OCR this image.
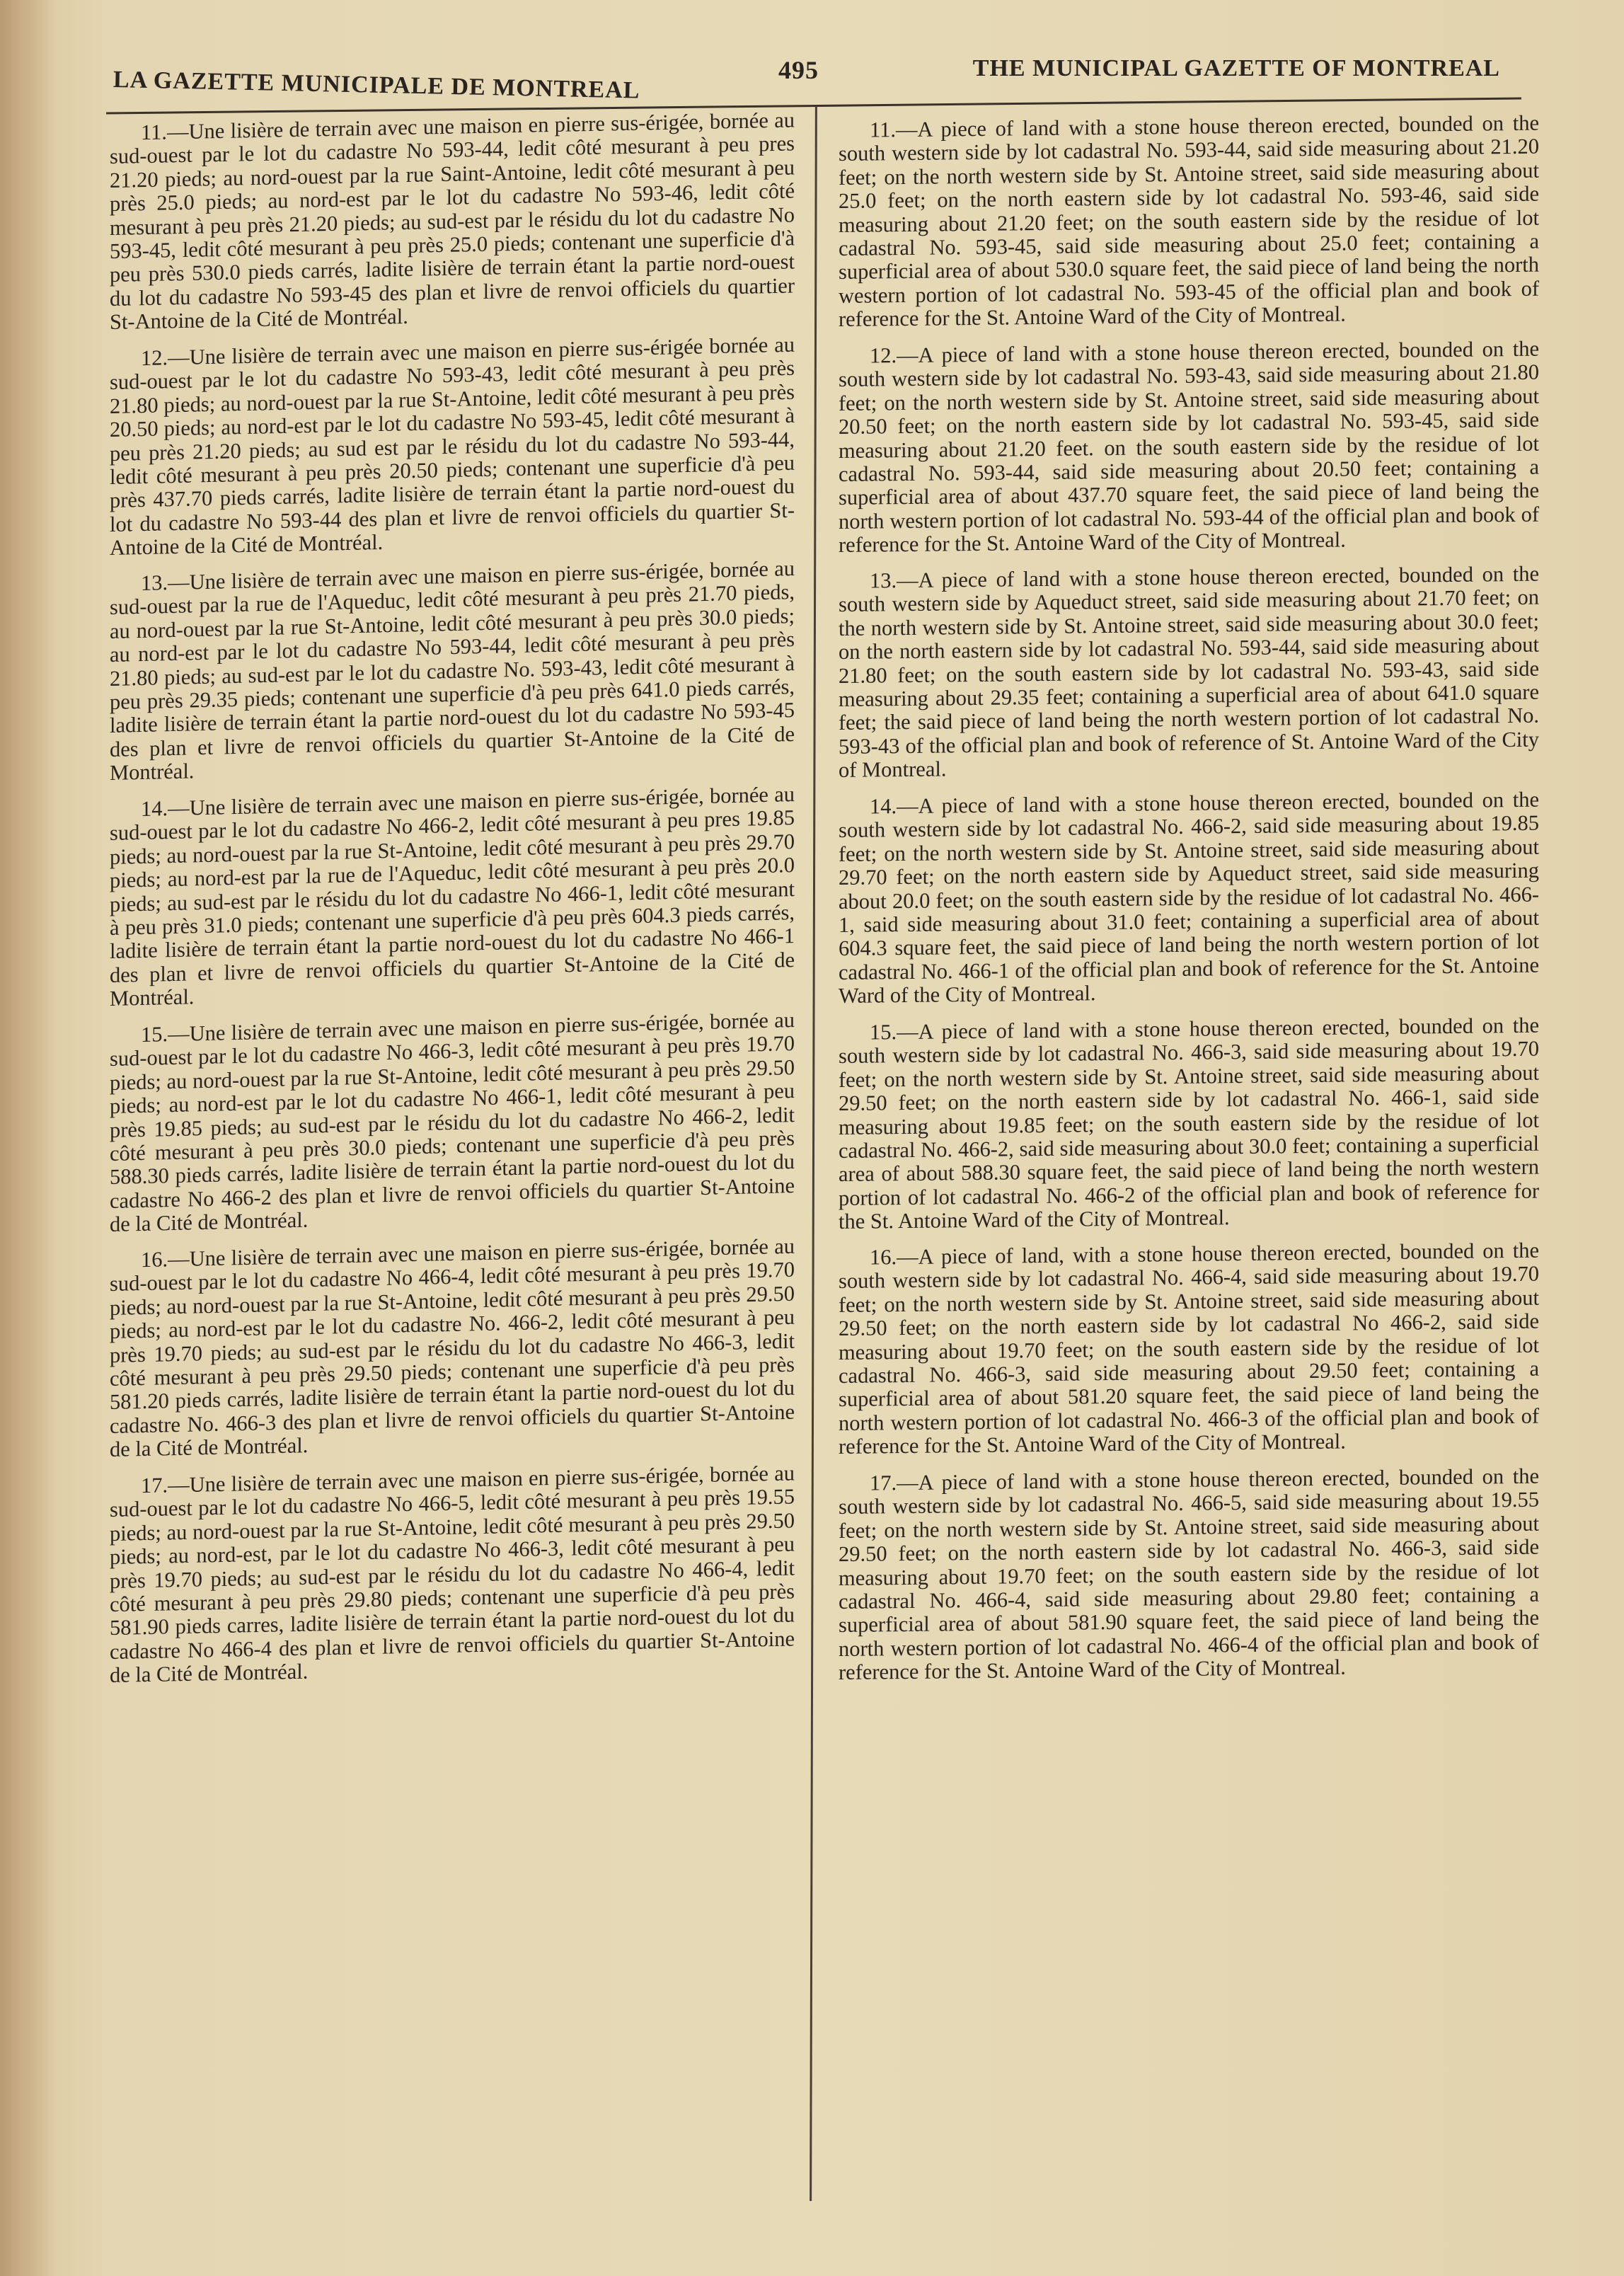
LA GAZETTE MUNICIPALE DE MONTREAL	495	THE MUNICIPAL GAZETTE OF MONTREAL

11.—Une lisière de terrain avec une maison en pierre sus-érigée, bornée au sud-ouest par le lot du cadastre No 593-44, ledit côté mesurant à peu pres 21.20 pieds; au nord-ouest par la rue Saint-Antoine, ledit côté mesurant à peu près 25.0 pieds; au nord-est par le lot du cadastre No 593-46, ledit côté mesurant à peu près 21.20 pieds; au sud-est par le résidu du lot du cadastre No 593-45, ledit côté mesurant à peu près 25.0 pieds; contenant une superficie d'à peu près 530.0 pieds carrés, ladite lisière de terrain étant la partie nord-ouest du lot du cadastre No 593-45 des plan et livre de renvoi officiels du quartier St-Antoine de la Cité de Montréal.

12.—Une lisière de terrain avec une maison en pierre sus-érigée bornée au sud-ouest par le lot du cadastre No 593-43, ledit côté mesurant à peu près 21.80 pieds; au nord-ouest par la rue St-Antoine, ledit côté mesurant à peu près 20.50 pieds; au nord-est par le lot du cadastre No 593-45, ledit côté mesurant à peu près 21.20 pieds; au sud est par le résidu du lot du cadastre No 593-44, ledit côté mesurant à peu près 20.50 pieds; contenant une superficie d'à peu près 437.70 pieds carrés, ladite lisière de terrain étant la partie nord-ouest du lot du cadastre No 593-44 des plan et livre de renvoi officiels du quartier St-Antoine de la Cité de Montréal.

13.—Une lisière de terrain avec une maison en pierre sus-érigée, bornée au sud-ouest par la rue de l'Aqueduc, ledit côté mesurant à peu près 21.70 pieds, au nord-ouest par la rue St-Antoine, ledit côté mesurant à peu près 30.0 pieds; au nord-est par le lot du cadastre No 593-44, ledit côté mesurant à peu près 21.80 pieds; au sud-est par le lot du cadastre No. 593-43, ledit côté mesurant à peu près 29.35 pieds; contenant une superficie d'à peu près 641.0 pieds carrés, ladite lisière de terrain étant la partie nord-ouest du lot du cadastre No 593-45 des plan et livre de renvoi officiels du quartier St-Antoine de la Cité de Montréal.

14.—Une lisière de terrain avec une maison en pierre sus-érigée, bornée au sud-ouest par le lot du cadastre No 466-2, ledit côté mesurant à peu pres 19.85 pieds; au nord-ouest par la rue St-Antoine, ledit côté mesurant à peu près 29.70 pieds; au nord-est par la rue de l'Aqueduc, ledit côté mesurant à peu près 20.0 pieds; au sud-est par le résidu du lot du cadastre No 466-1, ledit côté mesurant à peu près 31.0 pieds; contenant une superficie d'à peu près 604.3 pieds carrés, ladite lisière de terrain étant la partie nord-ouest du lot du cadastre No 466-1 des plan et livre de renvoi officiels du quartier St-Antoine de la Cité de Montréal.

15.—Une lisière de terrain avec une maison en pierre sus-érigée, bornée au sud-ouest par le lot du cadastre No 466-3, ledit côté mesurant à peu près 19.70 pieds; au nord-ouest par la rue St-Antoine, ledit côté mesurant à peu près 29.50 pieds; au nord-est par le lot du cadastre No 466-1, ledit côté mesurant à peu près 19.85 pieds; au sud-est par le résidu du lot du cadastre No 466-2, ledit côté mesurant à peu près 30.0 pieds; contenant une superficie d'à peu près 588.30 pieds carrés, ladite lisière de terrain étant la partie nord-ouest du lot du cadastre No 466-2 des plan et livre de renvoi officiels du quartier St-Antoine de la Cité de Montréal.

16.—Une lisière de terrain avec une maison en pierre sus-érigée, bornée au sud-ouest par le lot du cadastre No 466-4, ledit côté mesurant à peu près 19.70 pieds; au nord-ouest par la rue St-Antoine, ledit côté mesurant à peu près 29.50 pieds; au nord-est par le lot du cadastre No. 466-2, ledit côté mesurant à peu près 19.70 pieds; au sud-est par le résidu du lot du cadastre No 466-3, ledit côté mesurant à peu près 29.50 pieds; contenant une superficie d'à peu près 581.20 pieds carrés, ladite lisière de terrain étant la partie nord-ouest du lot du cadastre No. 466-3 des plan et livre de renvoi officiels du quartier St-Antoine de la Cité de Montréal.

17.—Une lisière de terrain avec une maison en pierre sus-érigée, bornée au sud-ouest par le lot du cadastre No 466-5, ledit côté mesurant à peu près 19.55 pieds; au nord-ouest par la rue St-Antoine, ledit côté mesurant à peu près 29.50 pieds; au nord-est, par le lot du cadastre No 466-3, ledit côté mesurant à peu près 19.70 pieds; au sud-est par le résidu du lot du cadastre No 466-4, ledit côté mesurant à peu près 29.80 pieds; contenant une superficie d'à peu près 581.90 pieds carres, ladite lisière de terrain étant la partie nord-ouest du lot du cadastre No 466-4 des plan et livre de renvoi officiels du quartier St-Antoine de la Cité de Montréal.

11.—A piece of land with a stone house thereon erected, bounded on the south western side by lot cadastral No. 593-44, said side measuring about 21.20 feet; on the north western side by St. Antoine street, said side measuring about 25.0 feet; on the north eastern side by lot cadastral No. 593-46, said side measuring about 21.20 feet; on the south eastern side by the residue of lot cadastral No. 593-45, said side measuring about 25.0 feet; containing a superficial area of about 530.0 square feet, the said piece of land being the north western portion of lot cadastral No. 593-45 of the official plan and book of reference for the St. Antoine Ward of the City of Montreal.

12.—A piece of land with a stone house thereon erected, bounded on the south western side by lot cadastral No. 593-43, said side measuring about 21.80 feet; on the north western side by St. Antoine street, said side measuring about 20.50 feet; on the north eastern side by lot cadastral No. 593-45, said side measuring about 21.20 feet. on the south eastern side by the residue of lot cadastral No. 593-44, said side measuring about 20.50 feet; containing a superficial area of about 437.70 square feet, the said piece of land being the north western portion of lot cadastral No. 593-44 of the official plan and book of reference for the St. Antoine Ward of the City of Montreal.

13.—A piece of land with a stone house thereon erected, bounded on the south western side by Aqueduct street, said side measuring about 21.70 feet; on the north western side by St. Antoine street, said side measuring about 30.0 feet; on the north eastern side by lot cadastral No. 593-44, said side measuring about 21.80 feet; on the south eastern side by lot cadastral No. 593-43, said side measuring about 29.35 feet; containing a superficial area of about 641.0 square feet; the said piece of land being the north western portion of lot cadastral No. 593-43 of the official plan and book of reference of St. Antoine Ward of the City of Montreal.

14.—A piece of land with a stone house thereon erected, bounded on the south western side by lot cadastral No. 466-2, said side measuring about 19.85 feet; on the north western side by St. Antoine street, said side measuring about 29.70 feet; on the north eastern side by Aqueduct street, said side measuring about 20.0 feet; on the south eastern side by the residue of lot cadastral No. 466-1, said side measuring about 31.0 feet; containing a superficial area of about 604.3 square feet, the said piece of land being the north western portion of lot cadastral No. 466-1 of the official plan and book of reference for the St. Antoine Ward of the City of Montreal.

15.—A piece of land with a stone house thereon erected, bounded on the south western side by lot cadastral No. 466-3, said side measuring about 19.70 feet; on the north western side by St. Antoine street, said side measuring about 29.50 feet; on the north eastern side by lot cadastral No. 466-1, said side measuring about 19.85 feet; on the south eastern side by the residue of lot cadastral No. 466-2, said side measuring about 30.0 feet; containing a superficial area of about 588.30 square feet, the said piece of land being the north western portion of lot cadastral No. 466-2 of the official plan and book of reference for the St. Antoine Ward of the City of Montreal.

16.—A piece of land, with a stone house thereon erected, bounded on the south western side by lot cadastral No. 466-4, said side measuring about 19.70 feet; on the north western side by St. Antoine street, said side measuring about 29.50 feet; on the north eastern side by lot cadastral No 466-2, said side measuring about 19.70 feet; on the south eastern side by the residue of lot cadastral No. 466-3, said side measuring about 29.50 feet; containing a superficial area of about 581.20 square feet, the said piece of land being the north western portion of lot cadastral No. 466-3 of the official plan and book of reference for the St. Antoine Ward of the City of Montreal.

17.—A piece of land with a stone house thereon erected, bounded on the south western side by lot cadastral No. 466-5, said side measuring about 19.55 feet; on the north western side by St. Antoine street, said side measuring about 29.50 feet; on the north eastern side by lot cadastral No. 466-3, said side measuring about 19.70 feet; on the south eastern side by the residue of lot cadastral No. 466-4, said side measuring about 29.80 feet; containing a superficial area of about 581.90 square feet, the said piece of land being the north western portion of lot cadastral No. 466-4 of the official plan and book of reference for the St. Antoine Ward of the City of Montreal.
